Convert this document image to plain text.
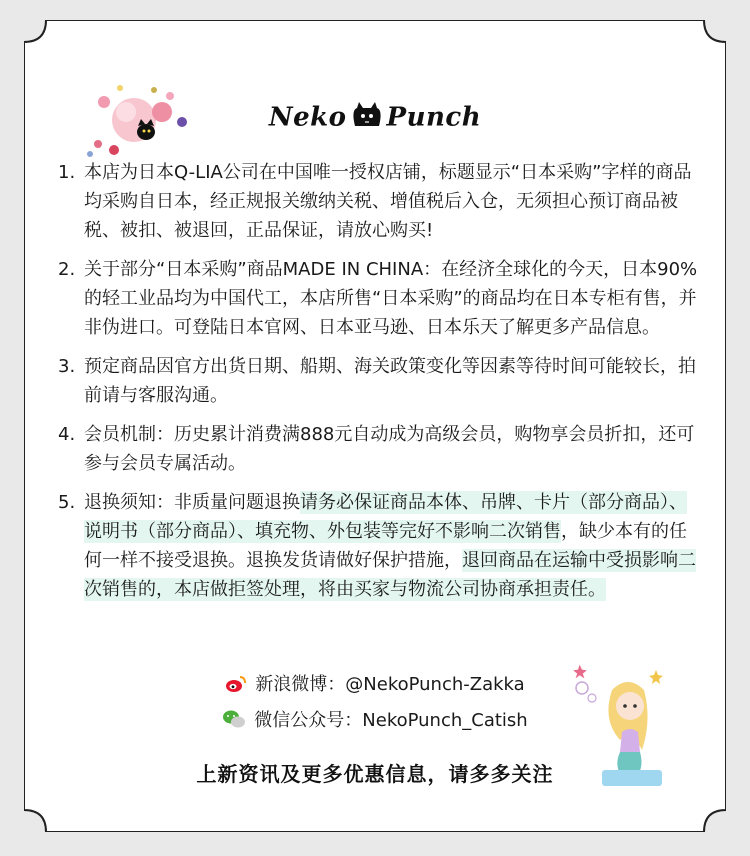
Neko Punch
1. 本店为日本Q-LIA公司在中国唯一授权店铺，标题显示“日本采购”字样的商品均采购自日本，经正规报关缴纳关税、增值税后入仓，无须担心预订商品被税、被扣、被退回，正品保证，请放心购买!
2. 关于部分“日本采购”商品MADE IN CHINA：在经济全球化的今天，日本90%的轻工业品均为中国代工，本店所售“日本采购”的商品均在日本专柜有售，并非伪进口。可登陆日本官网、日本亚马逊、日本乐天了解更多产品信息。
3. 预定商品因官方出货日期、船期、海关政策变化等因素等待时间可能较长，拍前请与客服沟通。
4. 会员机制：历史累计消费满888元自动成为高级会员，购物享会员折扣，还可参与会员专属活动。
5. 退换须知：非质量问题退换请务必保证商品本体、吊牌、卡片（部分商品）、说明书（部分商品）、填充物、外包装等完好不影响二次销售，缺少本有的任何一样不接受退换。退换发货请做好保护措施，退回商品在运输中受损影响二次销售的，本店做拒签处理，将由买家与物流公司协商承担责任。
新浪微博：@NekoPunch-Zakka
微信公众号：NekoPunch_Catish
上新资讯及更多优惠信息，请多多关注
